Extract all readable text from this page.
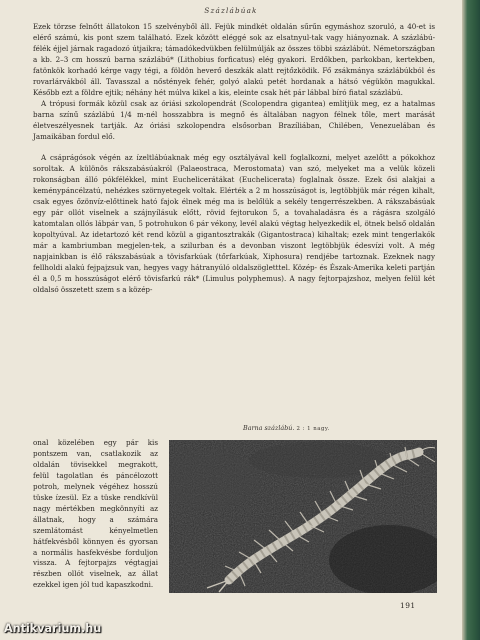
Százlábúak

Ezek törzse felnőtt állatokon 15 szelvényből áll. Fejük mindkét oldalán sűrűn egymáshoz szoruló, a 40-et is elérő számú, kis pont szem található. Ezek között eléggé sok az elsatnyul-tak vagy hiányoznak. A százlábú-félék éjjel járnak ragadozó útjaikra; támadókedvükben felülmúlják az összes többi százlábút. Németországban a kb. 2–3 cm hosszú barna százlábú* (Lithobius forficatus) elég gyakori. Erdőkben, parkokban, kertekben, fatönkök korhadó kérge vagy tégi, a földön heverő deszkák alatt rejtőzködik. Fő zsákmánya százlábúkból és rovarlárvákból áll. Tavasszal a nőstények fehér, golyó alakú petét hordanak a hátsó végükön magukkal. Később ezt a földre ejtik; néhány hét múlva kikel a kis, eleinte csak hét pár lábbal bíró fiatal százlábú.

A trópusi formák közül csak az óriási szkolopendrát (Scolopendra gigantea) említjük meg, ez a hatalmas barna színű százlábú 1/4 m-nél hosszabbra is megnő és általában nagyon félnek tőle, mert marását életveszélyesnek tartják. Az óriási szkolopendra elsősorban Brazíliában, Chilében, Venezuelában és Jamaikában fordul elő.

A csáprágósok végén az ízeltlábúaknak még egy osztályával kell foglalkozni, melyet azelőtt a pókokhoz soroltak. A különös rákszabásúakról (Palaeostraca, Merostomata) van szó, melyeket ma a velük közeli rokonságban álló pókfélékkel, mint Euchelicerátákat (Euchelicerata) foglalnak össze. Ezek ősi alakjai a keménypáncélzatú, nehézkes szörnyetegek voltak. Elérték a 2 m hosszúságot is, legtöbbjük már régen kihalt, csak egyes őzönvíz-előttinek ható fajok élnek még ma is belőlük a sekély tengerrészekben. A rákszabásúak egy pár ollót viselnek a szájnyílásuk előtt, rövid fejtorukon 5, a tovahaladásra és a rágásra szolgáló katomtalan ollós lábpár van, 5 potrohukon 6 pár vékony, levél alakú végtag helyezkedik el, ötnek belső oldalán kopoltyúval. Az idetartozó két rend közül a gigantosztrakák (Gigantostraca) kihaltak; ezek mint tengerlakók már a kambriumban megjelen-tek, a szilurban és a devonban viszont legtöbbjük édesvízi volt. A még napjainkban is élő rákszabásúak a tövisfarkúak (tőrfarkúak, Xiphosura) rendjébe tartoznak. Ezeknek nagy fellholdi alakú fejpajzsuk van, hegyes vagy hátranyúló oldalszögletttel. Közép- és Észak-Amerika keleti partján él a 0,5 m hosszúságot elérő tövisfarkú rák* (Limulus polyphemus). A nagy fejtorpajzshoz, melyen felül két oldalsó összetett szem s a közép-

Barna százlábú. 2 : 1 nagy.

onal közelében egy pár kis pontszem van, csatlakozik az oldalán tövisekkel megrakott, felül tagolatlan és páncélozott potroh, melynek végéhez hosszú tüske ízesül. Ez a tüske rendkívül nagy mértékben megkönnyíti az állatnak, hogy a számára szemlátomást kényelmetlen hátfekvésből könnyen és gyorsan a normális hasfekvésbe forduljon vissza. A fejtorpajzs végtagjai részben ollót viselnek, az állat ezekkel igen jól tud kapaszkodni.

191
Antikvarium.hu
